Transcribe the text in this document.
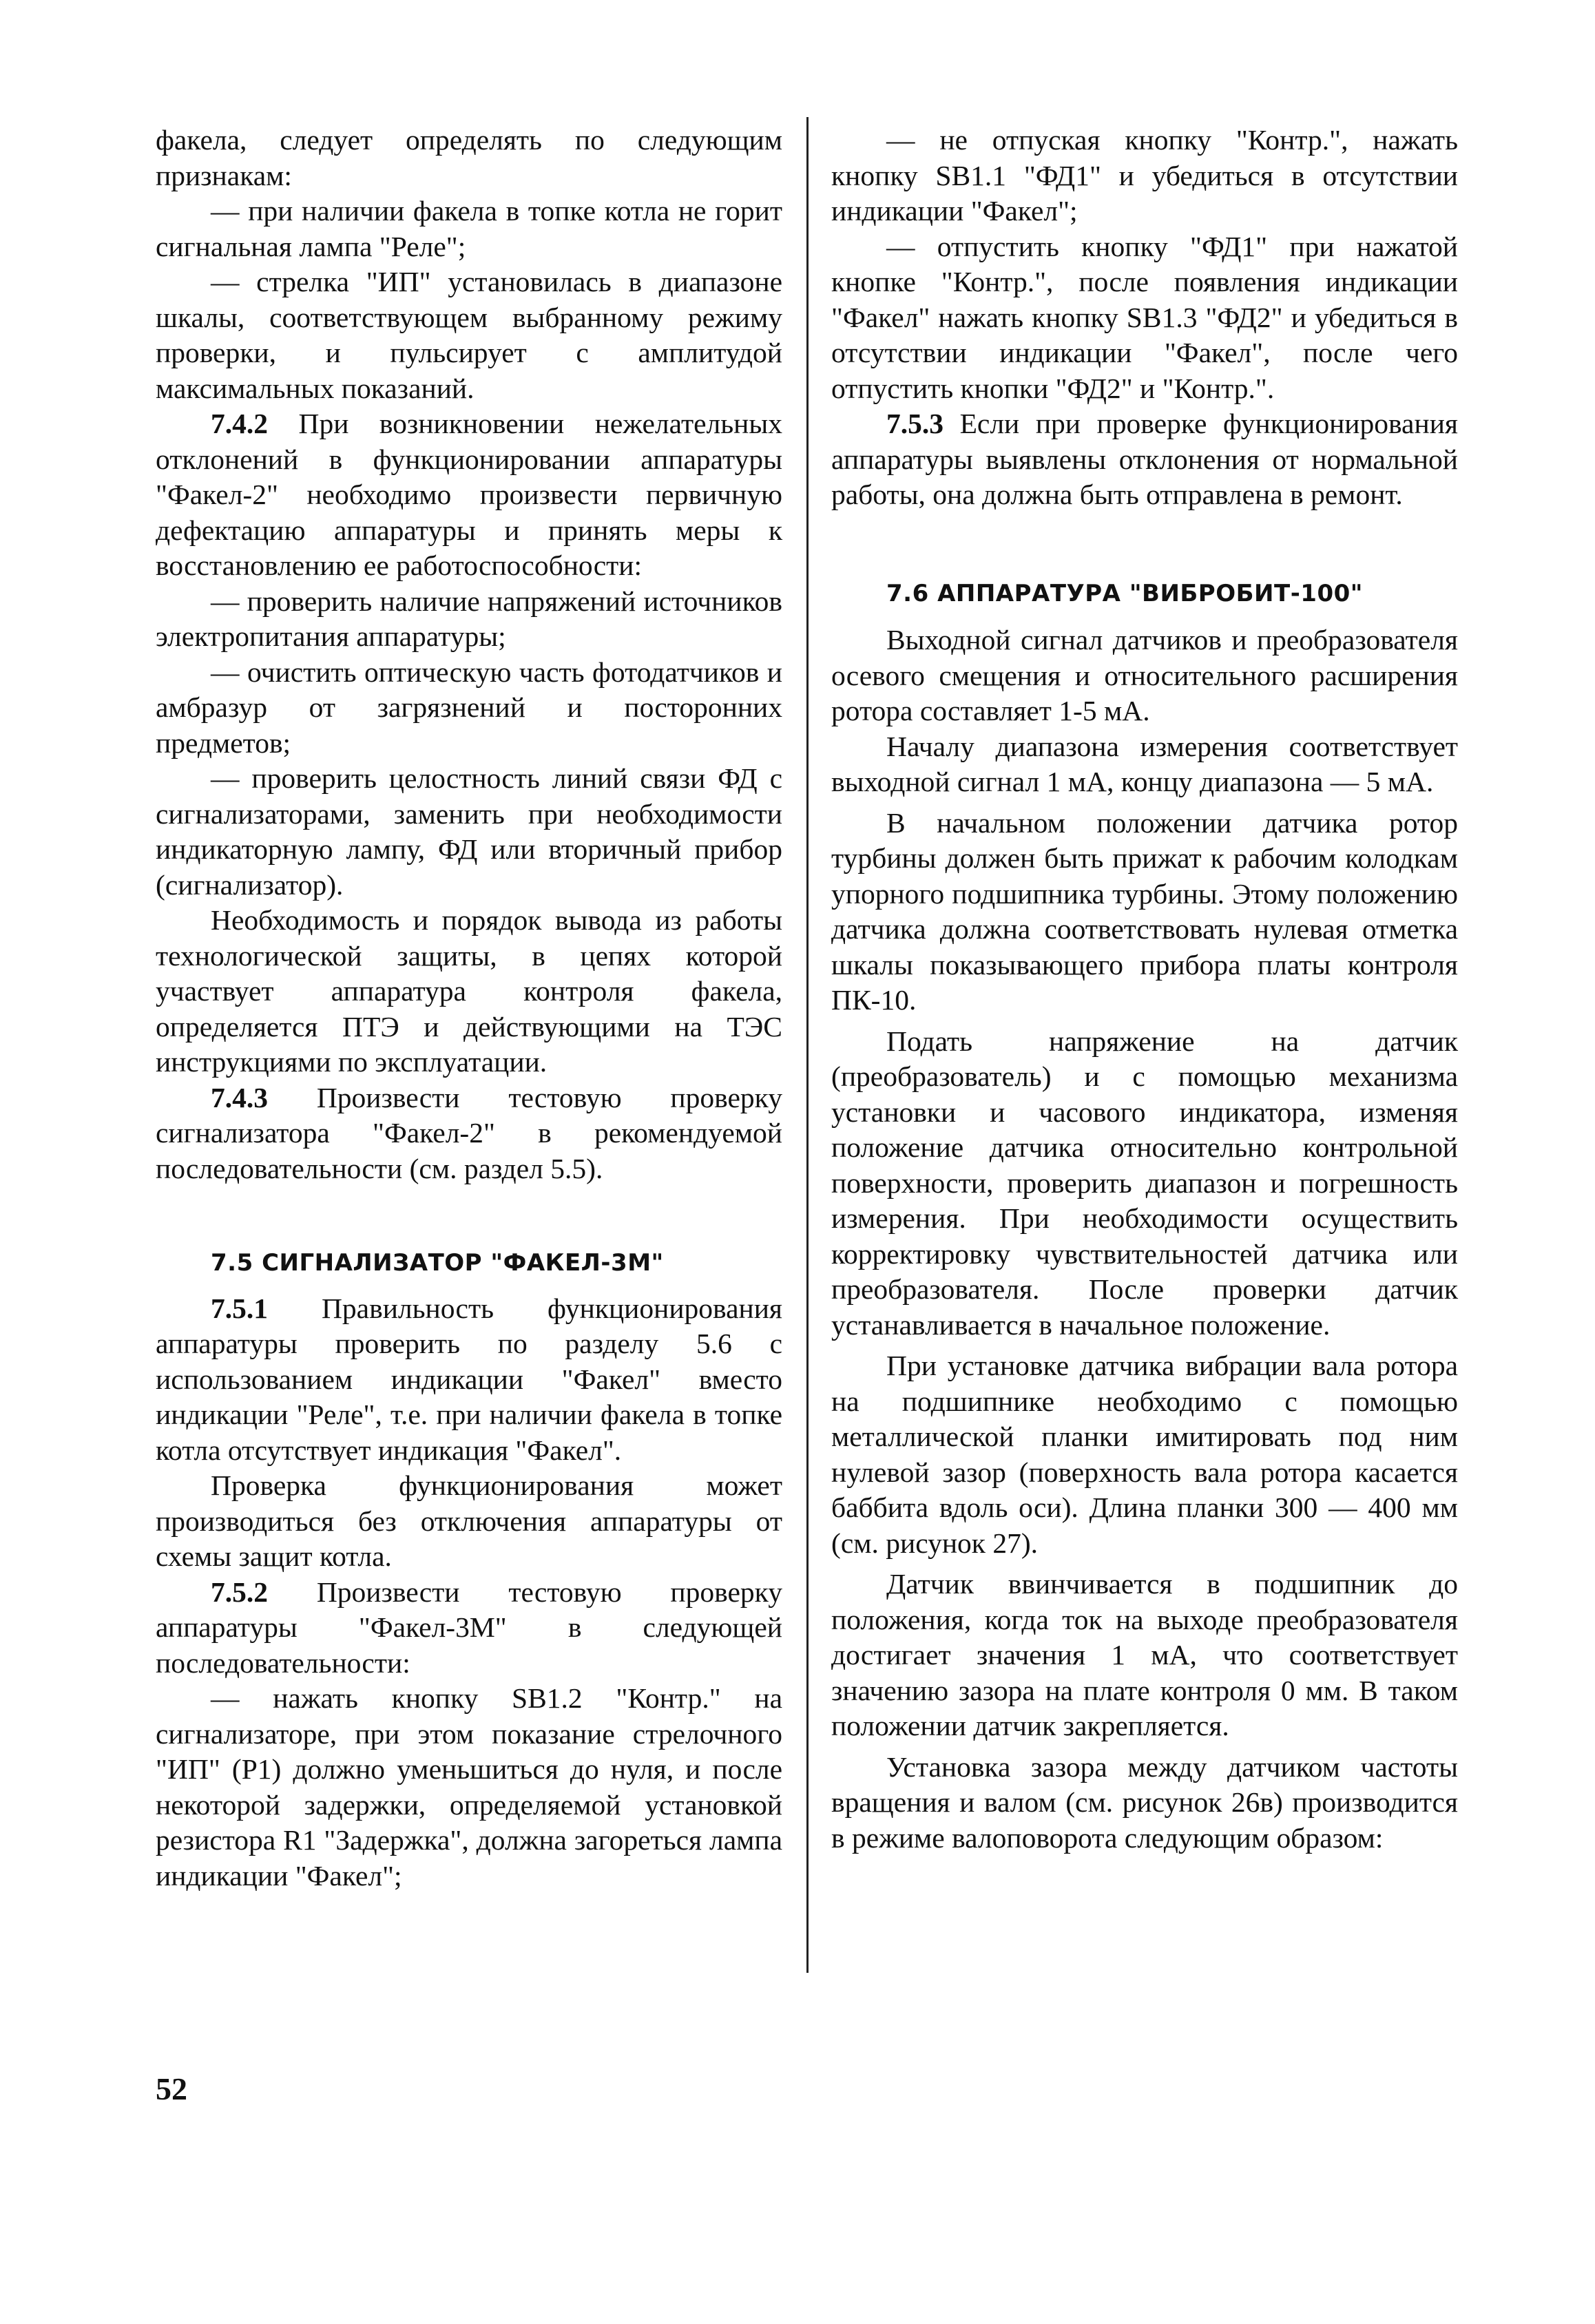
факела, следует определять по следующим признакам:

— при наличии факела в топке котла не горит сигнальная лампа "Реле";

— стрелка "ИП" установилась в диапазоне шкалы, соответствующем выбранному режиму проверки, и пульсирует с амплитудой максимальных показаний.

7.4.2 При возникновении нежелательных отклонений в функционировании аппаратуры "Факел-2" необходимо произвести первичную дефектацию аппаратуры и принять меры к восстановлению ее работоспособности:

— проверить наличие напряжений источников электропитания аппаратуры;

— очистить оптическую часть фотодатчиков и амбразур от загрязнений и посторонних предметов;

— проверить целостность линий связи ФД с сигнализаторами, заменить при необходимости индикаторную лампу, ФД или вторичный прибор (сигнализатор).

Необходимость и порядок вывода из работы технологической защиты, в цепях которой участвует аппаратура контроля факела, определяется ПТЭ и действующими на ТЭС инструкциями по эксплуатации.

7.4.3 Произвести тестовую проверку сигнализатора "Факел-2" в рекомендуемой последовательности (см. раздел 5.5).

7.5 СИГНАЛИЗАТОР "ФАКЕЛ-3М"

7.5.1 Правильность функционирования аппаратуры проверить по разделу 5.6 с использованием индикации "Факел" вместо индикации "Реле", т.е. при наличии факела в топке котла отсутствует индикация "Факел".

Проверка функционирования может производиться без отключения аппаратуры от схемы защит котла.

7.5.2 Произвести тестовую проверку аппаратуры "Факел-3М" в следующей последовательности:

— нажать кнопку SB1.2 "Контр." на сигнализаторе, при этом показание стрелочного "ИП" (Р1) должно уменьшиться до нуля, и после некоторой задержки, определяемой установкой резистора R1 "Задержка", должна загореться лампа индикации "Факел";

— не отпуская кнопку "Контр.", нажать кнопку SB1.1 "ФД1" и убедиться в отсутствии индикации "Факел";

— отпустить кнопку "ФД1" при нажатой кнопке "Контр.", после появления индикации "Факел" нажать кнопку SB1.3 "ФД2" и убедиться в отсутствии индикации "Факел", после чего отпустить кнопки "ФД2" и "Контр.".

7.5.3 Если при проверке функционирования аппаратуры выявлены отклонения от нормальной работы, она должна быть отправлена в ремонт.

7.6 АППАРАТУРА "ВИБРОБИТ-100"

Выходной сигнал датчиков и преобразователя осевого смещения и относительного расширения ротора составляет 1-5 мА.

Началу диапазона измерения соответствует выходной сигнал 1 мА, концу диапазона — 5 мА.

В начальном положении датчика ротор турбины должен быть прижат к рабочим колодкам упорного подшипника турбины. Этому положению датчика должна соответствовать нулевая отметка шкалы показывающего прибора платы контроля ПК-10.

Подать напряжение на датчик (преобразователь) и с помощью механизма установки и часового индикатора, изменяя положение датчика относительно контрольной поверхности, проверить диапазон и погрешность измерения. При необходимости осуществить корректировку чувствительностей датчика или преобразователя. После проверки датчик устанавливается в начальное положение.

При установке датчика вибрации вала ротора на подшипнике необходимо с помощью металлической планки имитировать под ним нулевой зазор (поверхность вала ротора касается баббита вдоль оси). Длина планки 300 — 400 мм (см. рисунок 27).

Датчик ввинчивается в подшипник до положения, когда ток на выходе преобразователя достигает значения 1 мА, что соответствует значению зазора на плате контроля 0 мм. В таком положении датчик закрепляется.

Установка зазора между датчиком частоты вращения и валом (см. рисунок 26в) производится в режиме валоповорота следующим образом:

52
